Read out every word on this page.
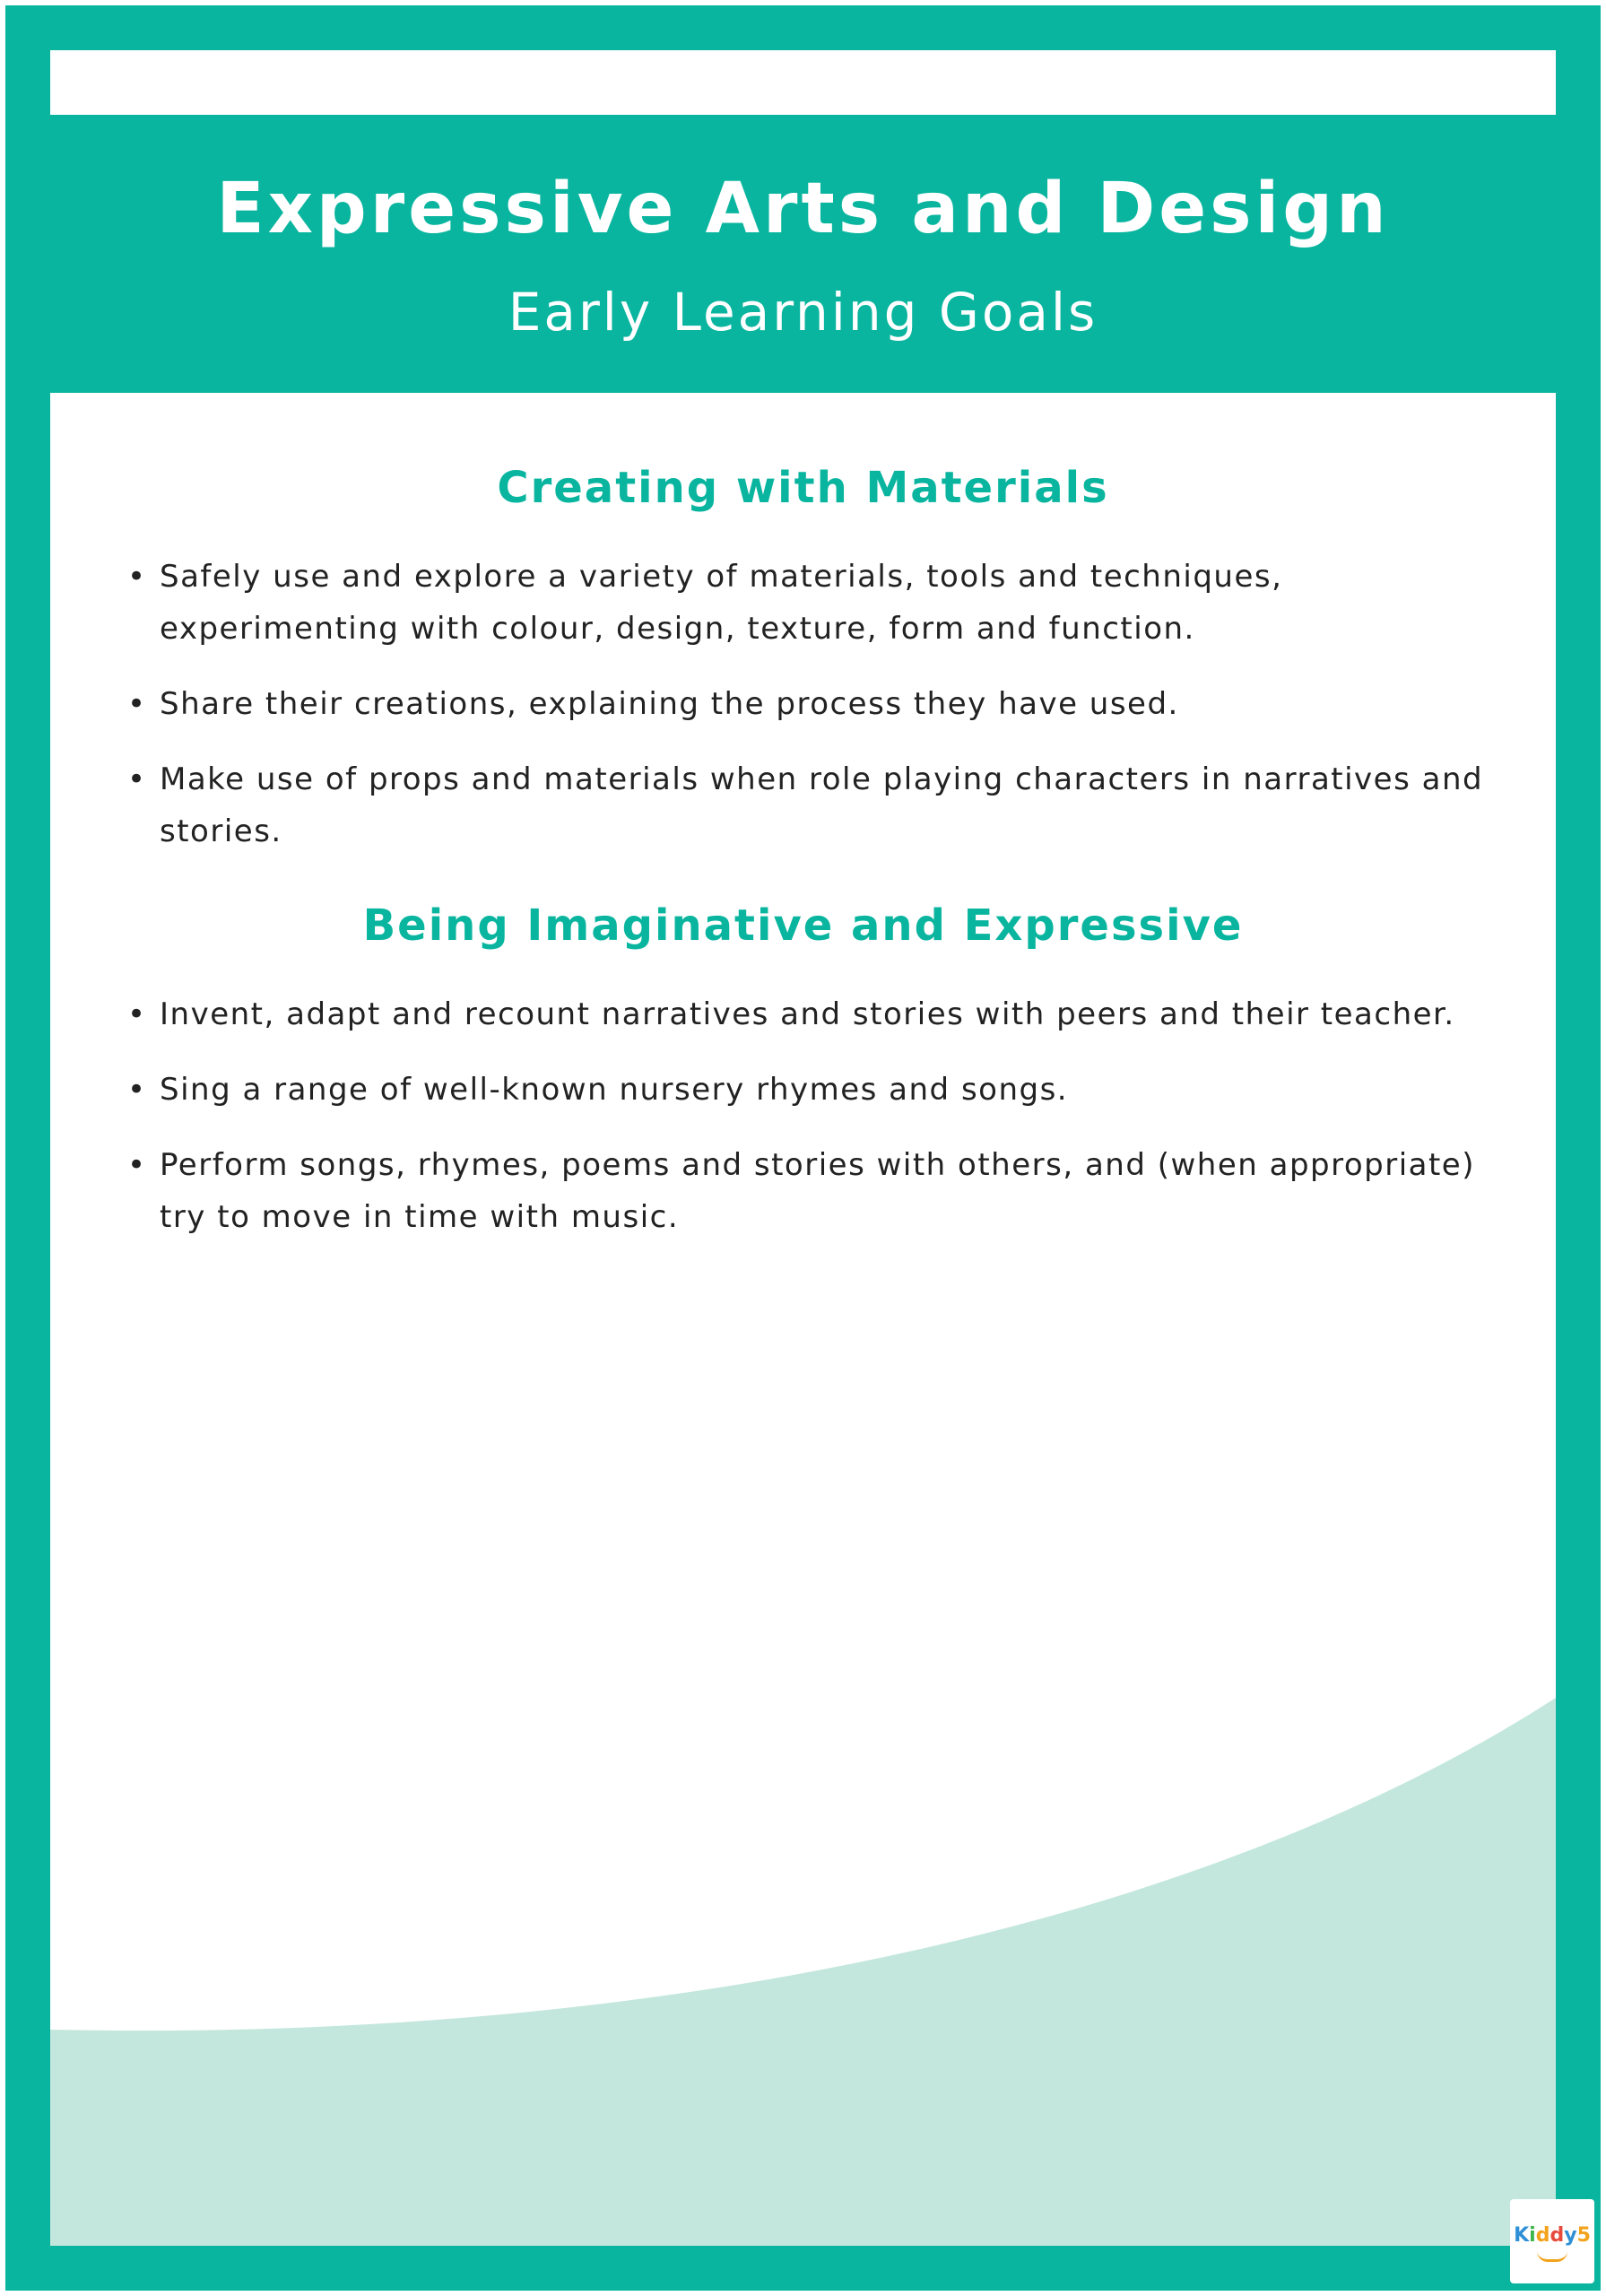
Expressive Arts and Design
Early Learning Goals
Creating with Materials
• Safely use and explore a variety of materials, tools and techniques, experimenting with colour, design, texture, form and function.
• Share their creations, explaining the process they have used.
• Make use of props and materials when role playing characters in narratives and stories.
Being Imaginative and Expressive
• Invent, adapt and recount narratives and stories with peers and their teacher.
• Sing a range of well-known nursery rhymes and songs.
• Perform songs, rhymes, poems and stories with others, and (when appropriate) try to move in time with music.
Kiddy5
